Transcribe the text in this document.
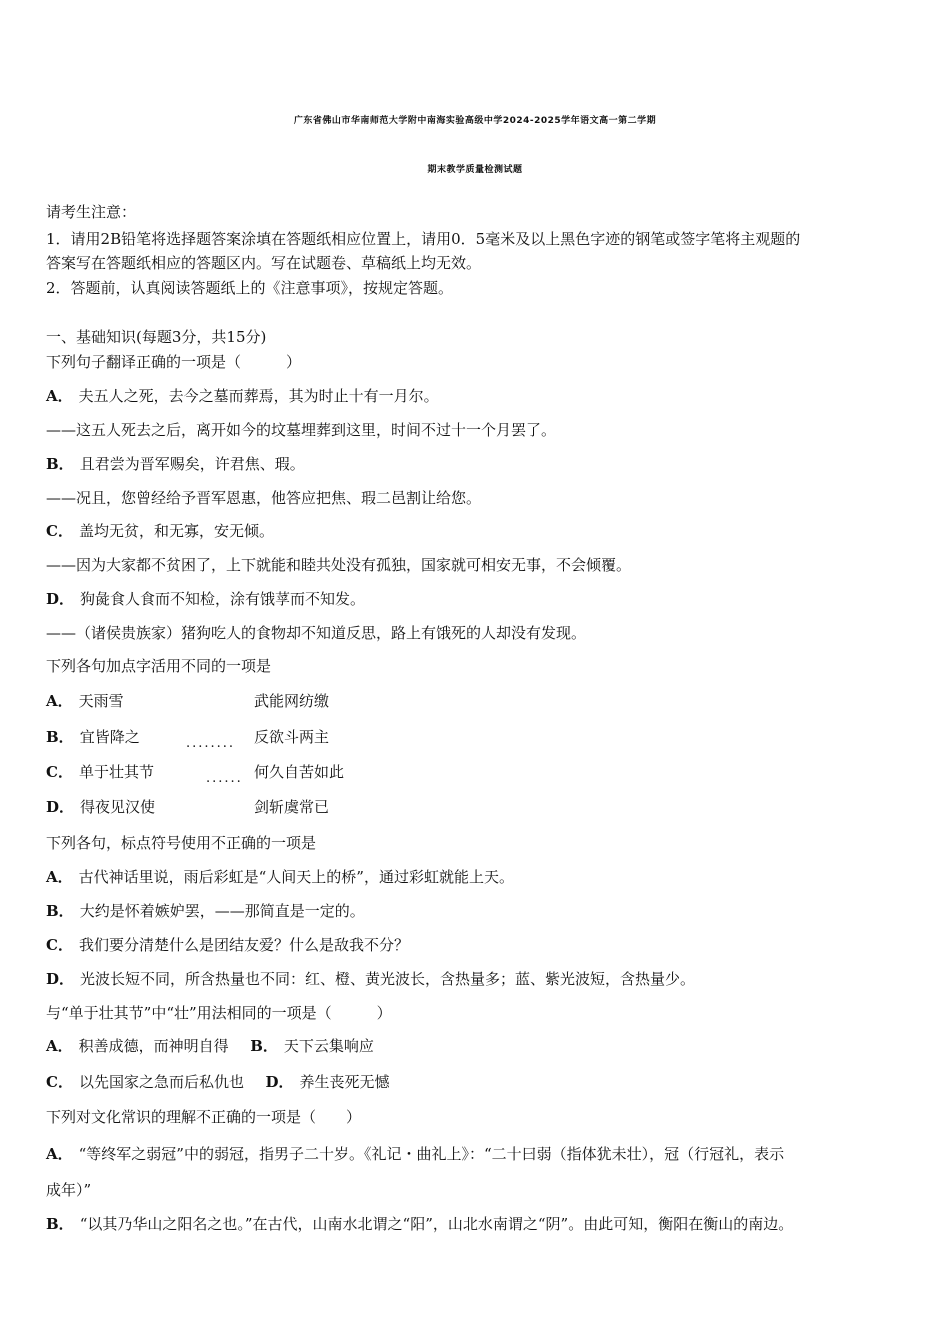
广东省佛山市华南师范大学附中南海实验高级中学2024-2025学年语文高一第二学期
期末教学质量检测试题
请考生注意：
1．请用2B铅笔将选择题答案涂填在答题纸相应位置上，请用0．5毫米及以上黑色字迹的钢笔或签字笔将主观题的
答案写在答题纸相应的答题区内。写在试题卷、草稿纸上均无效。
2．答题前，认真阅读答题纸上的《注意事项》，按规定答题。
一、基础知识(每题3分，共15分)
下列句子翻译正确的一项是（　　　）
A． 夫五人之死，去今之墓而葬焉，其为时止十有一月尔。
——这五人死去之后，离开如今的坟墓埋葬到这里，时间不过十一个月罢了。
B． 且君尝为晋军赐矣，许君焦、瑕。
——况且，您曾经给予晋军恩惠，他答应把焦、瑕二邑割让给您。
C． 盖均无贫，和无寡，安无倾。
——因为大家都不贫困了，上下就能和睦共处没有孤独，国家就可相安无事，不会倾覆。
D． 狗彘食人食而不知检，涂有饿莩而不知发。
——（诸侯贵族家）猪狗吃人的食物却不知道反思，路上有饿死的人却没有发现。
下列各句加点字活用不同的一项是
A． 天雨雪	武能网纺缴
B． 宜皆降之	........ 反欲斗两主
C． 单于壮其节	...... 何久自苦如此
D． 得夜见汉使	剑斩虞常已
下列各句，标点符号使用不正确的一项是
A． 古代神话里说，雨后彩虹是“人间天上的桥”，通过彩虹就能上天。
B． 大约是怀着嫉妒罢，——那简直是一定的。
C． 我们要分清楚什么是团结友爱？什么是敌我不分？
D． 光波长短不同，所含热量也不同：红、橙、黄光波长，含热量多；蓝、紫光波短，含热量少。
与“单于壮其节”中“壮”用法相同的一项是（　　　）
A． 积善成德，而神明自得 B． 天下云集响应
C． 以先国家之急而后私仇也 D． 养生丧死无憾
下列对文化常识的理解不正确的一项是（　　）
A． “等终军之弱冠”中的弱冠，指男子二十岁。《礼记・曲礼上》：“二十曰弱（指体犹未壮），冠（行冠礼，表示
成年）”
B． “以其乃华山之阳名之也。”在古代，山南水北谓之“阳”，山北水南谓之“阴”。由此可知，衡阳在衡山的南边。
